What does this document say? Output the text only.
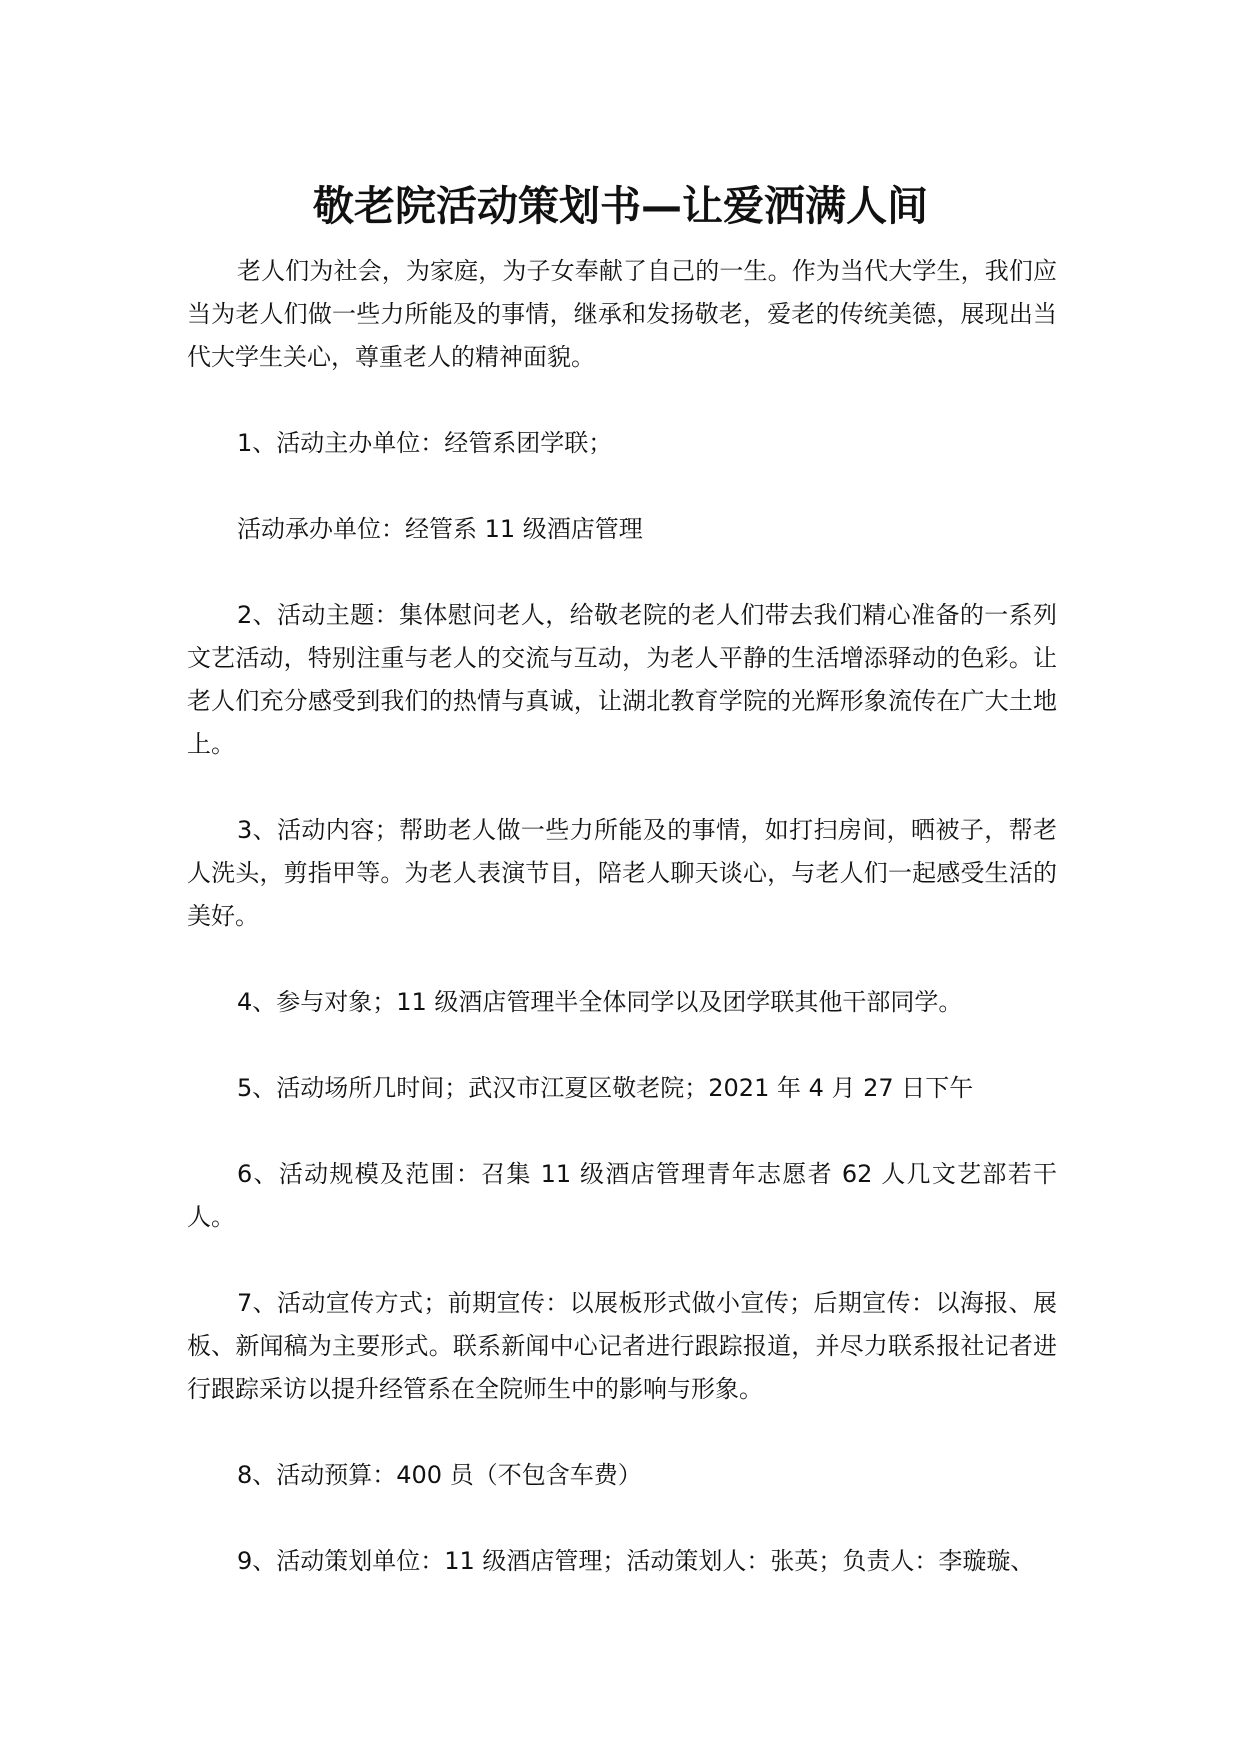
敬老院活动策划书—让爱洒满人间

老人们为社会，为家庭，为子女奉献了自己的一生。作为当代大学生，我们应当为老人们做一些力所能及的事情，继承和发扬敬老，爱老的传统美德，展现出当代大学生关心，尊重老人的精神面貌。

1、活动主办单位：经管系团学联；

活动承办单位：经管系 11 级酒店管理

2、活动主题：集体慰问老人，给敬老院的老人们带去我们精心准备的一系列文艺活动，特别注重与老人的交流与互动，为老人平静的生活增添驿动的色彩。让老人们充分感受到我们的热情与真诚，让湖北教育学院的光辉形象流传在广大土地上。

3、活动内容；帮助老人做一些力所能及的事情，如打扫房间，晒被子，帮老人洗头，剪指甲等。为老人表演节目，陪老人聊天谈心，与老人们一起感受生活的美好。

4、参与对象；11 级酒店管理半全体同学以及团学联其他干部同学。

5、活动场所几时间；武汉市江夏区敬老院；2021 年 4 月 27 日下午

6、活动规模及范围：召集 11 级酒店管理青年志愿者 62 人几文艺部若干人。

7、活动宣传方式；前期宣传：以展板形式做小宣传；后期宣传：以海报、展板、新闻稿为主要形式。联系新闻中心记者进行跟踪报道，并尽力联系报社记者进行跟踪采访以提升经管系在全院师生中的影响与形象。

8、活动预算：400 员（不包含车费）

9、活动策划单位：11 级酒店管理；活动策划人：张英；负责人：李璇璇、
